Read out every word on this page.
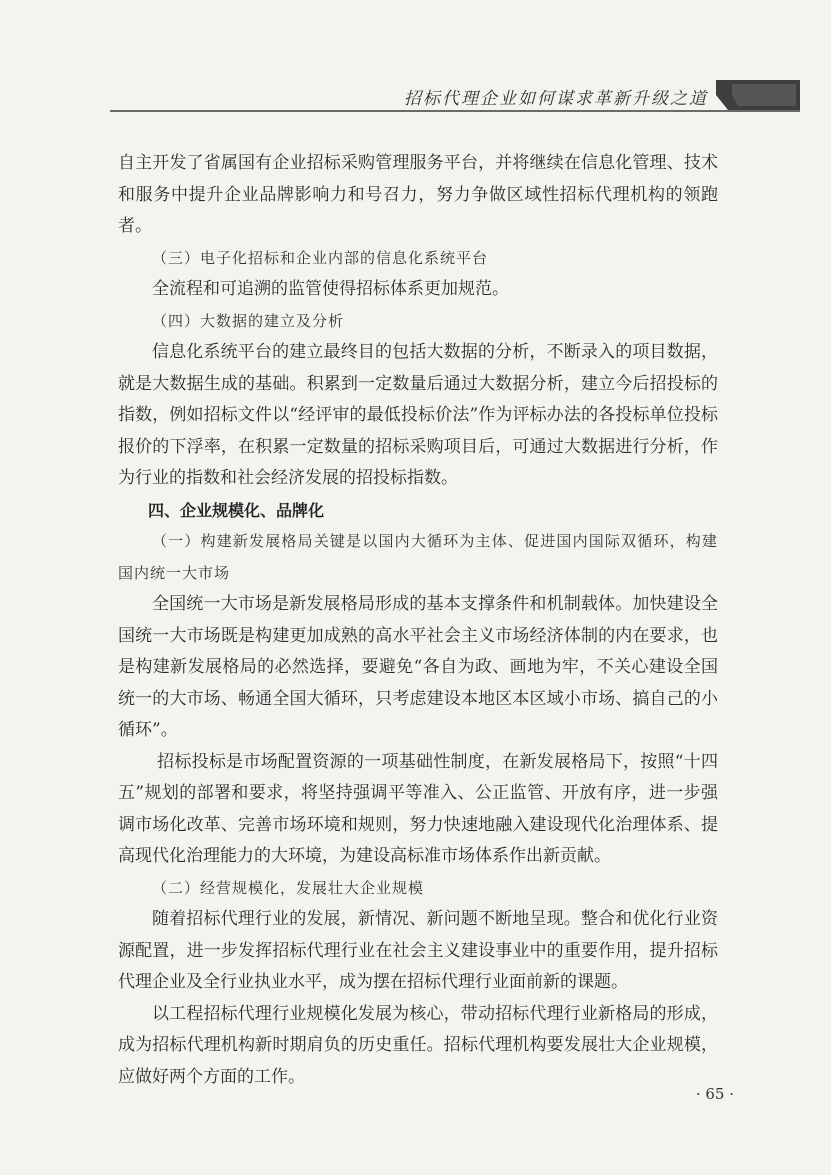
招标代理企业如何谋求革新升级之道

自主开发了省属国有企业招标采购管理服务平台，并将继续在信息化管理、技术和服务中提升企业品牌影响力和号召力，努力争做区域性招标代理机构的领跑者。

（三）电子化招标和企业内部的信息化系统平台

全流程和可追溯的监管使得招标体系更加规范。

（四）大数据的建立及分析

信息化系统平台的建立最终目的包括大数据的分析，不断录入的项目数据，就是大数据生成的基础。积累到一定数量后通过大数据分析，建立今后招投标的指数，例如招标文件以“经评审的最低投标价法”作为评标办法的各投标单位投标报价的下浮率，在积累一定数量的招标采购项目后，可通过大数据进行分析，作为行业的指数和社会经济发展的招投标指数。

四、企业规模化、品牌化

（一）构建新发展格局关键是以国内大循环为主体、促进国内国际双循环，构建国内统一大市场

全国统一大市场是新发展格局形成的基本支撑条件和机制载体。加快建设全国统一大市场既是构建更加成熟的高水平社会主义市场经济体制的内在要求，也是构建新发展格局的必然选择，要避免“各自为政、画地为牢，不关心建设全国统一的大市场、畅通全国大循环，只考虑建设本地区本区域小市场、搞自己的小循环”。

招标投标是市场配置资源的一项基础性制度，在新发展格局下，按照“十四五”规划的部署和要求，将坚持强调平等准入、公正监管、开放有序，进一步强调市场化改革、完善市场环境和规则，努力快速地融入建设现代化治理体系、提高现代化治理能力的大环境，为建设高标准市场体系作出新贡献。

（二）经营规模化，发展壮大企业规模

随着招标代理行业的发展，新情况、新问题不断地呈现。整合和优化行业资源配置，进一步发挥招标代理行业在社会主义建设事业中的重要作用，提升招标代理企业及全行业执业水平，成为摆在招标代理行业面前新的课题。

以工程招标代理行业规模化发展为核心，带动招标代理行业新格局的形成，成为招标代理机构新时期肩负的历史重任。招标代理机构要发展壮大企业规模，应做好两个方面的工作。

· 65 ·
